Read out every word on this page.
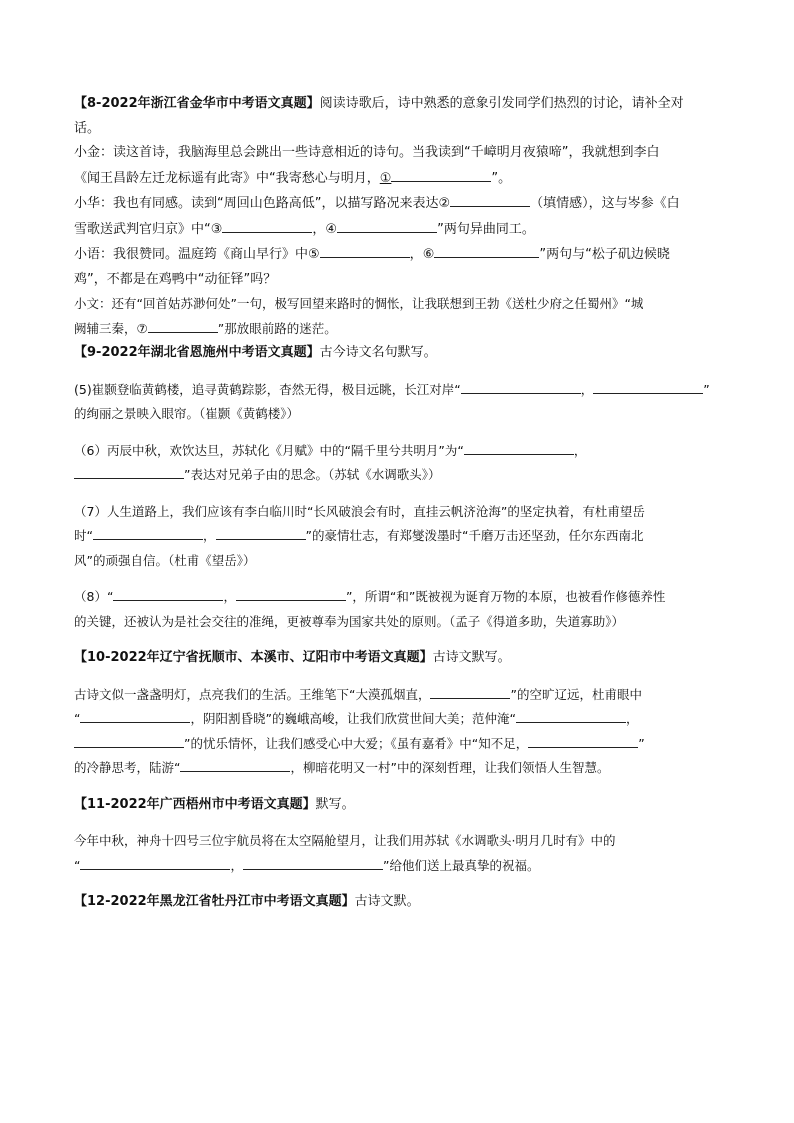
【8-2022年浙江省金华市中考语文真题】阅读诗歌后，诗中熟悉的意象引发同学们热烈的讨论，请补全对

话。

小金：读这首诗，我脑海里总会跳出一些诗意相近的诗句。当我读到“千嶂明月夜猿啼”，我就想到李白

《闻王昌龄左迁龙标遥有此寄》中“我寄愁心与明月，①	”。

小华：我也有同感。读到“周回山色路高低”，以描写路况来表达②	（填情感），这与岑参《白

雪歌送武判官归京》中“③	，④	”两句异曲同工。

小语：我很赞同。温庭筠《商山早行》中⑤	，⑥	”两句与“松子矶边候晓

鸡”，不都是在鸡鸭中“动征铎”吗？

小文：还有“回首姑苏渺何处”一句，极写回望来路时的惆怅，让我联想到王勃《送杜少府之任蜀州》“城

阙辅三秦，⑦	”那放眼前路的迷茫。

【9-2022年湖北省恩施州中考语文真题】古今诗文名句默写。

(5)崔颢登临黄鹤楼，追寻黄鹤踪影，杳然无得，极目远眺，长江对岸“	，	”

的绚丽之景映入眼帘。（崔颢《黄鹤楼》）

（6）丙辰中秋，欢饮达旦，苏轼化《月赋》中的“隔千里兮共明月”为“	，

”表达对兄弟子由的思念。（苏轼《水调歌头》）

（7）人生道路上，我们应该有李白临川时“长风破浪会有时，直挂云帆济沧海”的坚定执着，有杜甫望岳

时“	，	”的豪情壮志，有郑燮泼墨时“千磨万击还坚劲，任尔东西南北

风”的顽强自信。（杜甫《望岳》）

（8）“	，	”，所谓“和”既被视为诞育万物的本原，也被看作修德养性

的关键，还被认为是社会交往的准绳，更被尊奉为国家共处的原则。（孟子《得道多助，失道寡助》）

【10-2022年辽宁省抚顺市、本溪市、辽阳市中考语文真题】古诗文默写。

古诗文似一盏盏明灯，点亮我们的生活。王维笔下“大漠孤烟直，	”的空旷辽远，杜甫眼中

“	，阴阳割昏晓”的巍峨高峻，让我们欣赏世间大美；范仲淹“	，

”的忧乐情怀，让我们感受心中大爱；《虽有嘉肴》中“知不足，	”

的冷静思考，陆游“	，柳暗花明又一村”中的深刻哲理，让我们领悟人生智慧。

【11-2022年广西梧州市中考语文真题】默写。

今年中秋，神舟十四号三位宇航员将在太空隔舱望月，让我们用苏轼《水调歌头·明月几时有》中的

“	，	”给他们送上最真挚的祝福。

【12-2022年黑龙江省牡丹江市中考语文真题】古诗文默。
